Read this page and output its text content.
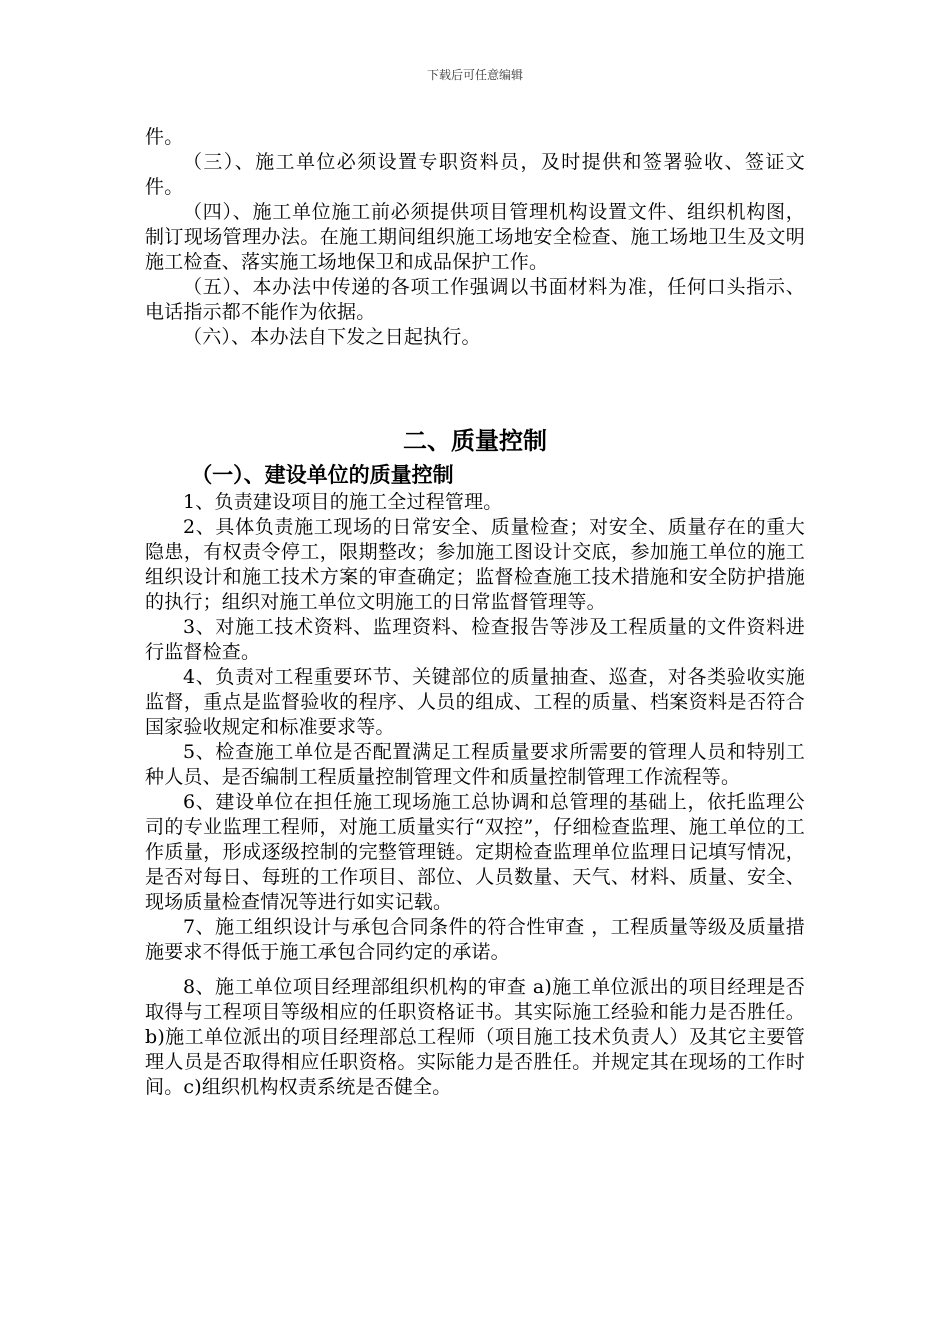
下载后可任意编辑

件。

（三）、施工单位必须设置专职资料员，及时提供和签署验收、签证文件。

（四）、施工单位施工前必须提供项目管理机构设置文件、组织机构图，制订现场管理办法。在施工期间组织施工场地安全检查、施工场地卫生及文明施工检查、落实施工场地保卫和成品保护工作。

（五）、本办法中传递的各项工作强调以书面材料为准，任何口头指示、电话指示都不能作为依据。

（六）、本办法自下发之日起执行。

二、质量控制
（一）、建设单位的质量控制

1、负责建设项目的施工全过程管理。

2、具体负责施工现场的日常安全、质量检查；对安全、质量存在的重大隐患，有权责令停工，限期整改；参加施工图设计交底，参加施工单位的施工组织设计和施工技术方案的审查确定；监督检查施工技术措施和安全防护措施的执行；组织对施工单位文明施工的日常监督管理等。

3、对施工技术资料、监理资料、检查报告等涉及工程质量的文件资料进行监督检查。

4、负责对工程重要环节、关键部位的质量抽查、巡查，对各类验收实施监督，重点是监督验收的程序、人员的组成、工程的质量、档案资料是否符合国家验收规定和标准要求等。

5、检查施工单位是否配置满足工程质量要求所需要的管理人员和特别工种人员、是否编制工程质量控制管理文件和质量控制管理工作流程等。

6、建设单位在担任施工现场施工总协调和总管理的基础上，依托监理公司的专业监理工程师，对施工质量实行“双控”，仔细检查监理、施工单位的工作质量，形成逐级控制的完整管理链。定期检查监理单位监理日记填写情况，是否对每日、每班的工作项目、部位、人员数量、天气、材料、质量、安全、现场质量检查情况等进行如实记载。

7、施工组织设计与承包合同条件的符合性审查 ，工程质量等级及质量措施要求不得低于施工承包合同约定的承诺。

8、施工单位项目经理部组织机构的审查 a)施工单位派出的项目经理是否取得与工程项目等级相应的任职资格证书。其实际施工经验和能力是否胜任。b)施工单位派出的项目经理部总工程师（项目施工技术负责人）及其它主要管理人员是否取得相应任职资格。实际能力是否胜任。并规定其在现场的工作时间。c)组织机构权责系统是否健全。
